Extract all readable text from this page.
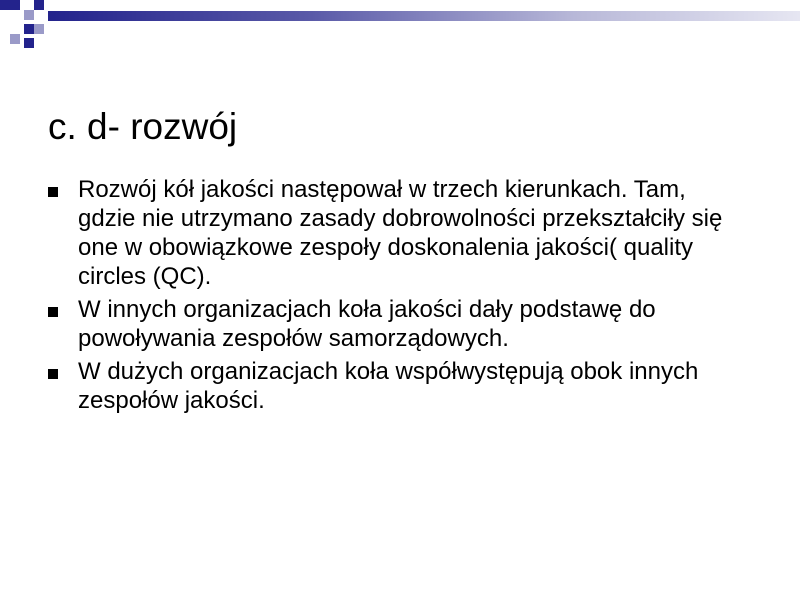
c. d- rozwój
Rozwój kół jakości następował w trzech kierunkach. Tam, gdzie nie utrzymano zasady dobrowolności przekształciły się one w obowiązkowe zespoły doskonalenia jakości( quality circles (QC).
W innych organizacjach koła jakości dały podstawę do powoływania zespołów samorządowych.
W dużych organizacjach koła współwystępują obok innych zespołów jakości.
